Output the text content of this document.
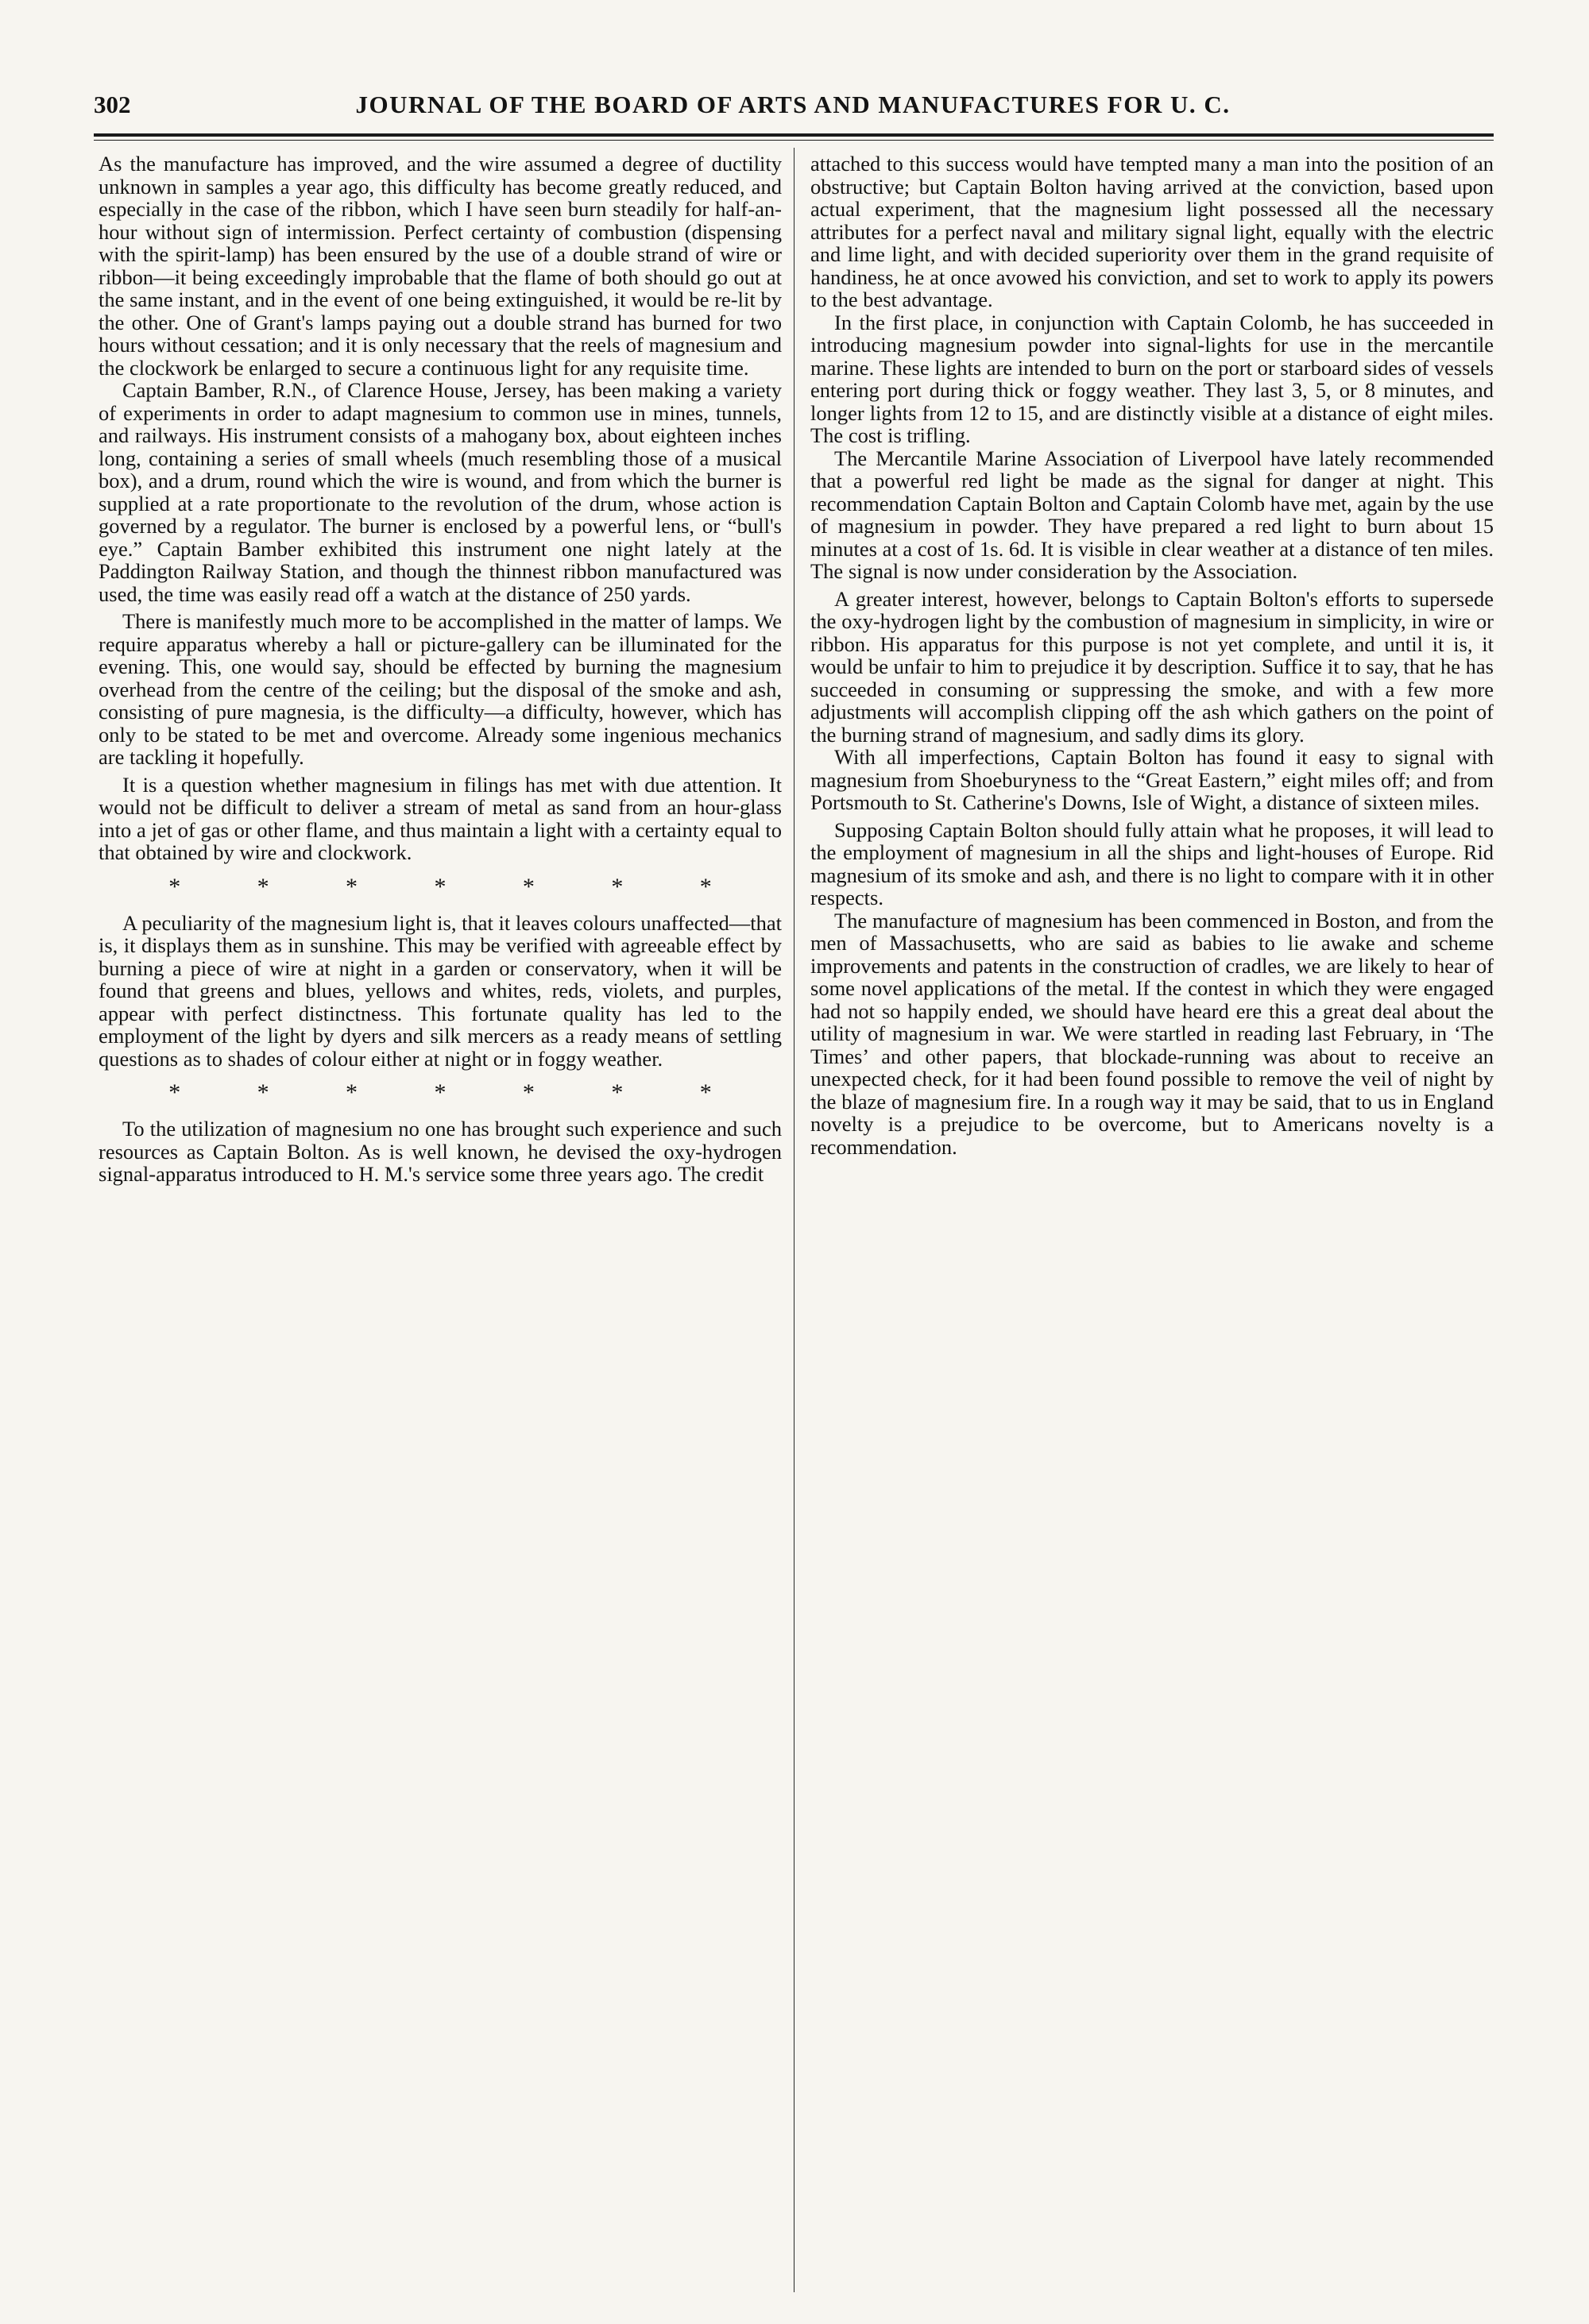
302	JOURNAL OF THE BOARD OF ARTS AND MANUFACTURES FOR U. C.

As the manufacture has improved, and the wire assumed a degree of ductility unknown in samples a year ago, this difficulty has become greatly reduced, and especially in the case of the ribbon, which I have seen burn steadily for half-an-hour without sign of intermission. Perfect certainty of combustion (dispensing with the spirit-lamp) has been ensured by the use of a double strand of wire or ribbon—it being exceedingly improbable that the flame of both should go out at the same instant, and in the event of one being extinguished, it would be re-lit by the other. One of Grant's lamps paying out a double strand has burned for two hours without cessation; and it is only necessary that the reels of magnesium and the clockwork be enlarged to secure a continuous light for any requisite time.

Captain Bamber, R.N., of Clarence House, Jersey, has been making a variety of experiments in order to adapt magnesium to common use in mines, tunnels, and railways. His instrument consists of a mahogany box, about eighteen inches long, containing a series of small wheels (much resembling those of a musical box), and a drum, round which the wire is wound, and from which the burner is supplied at a rate proportionate to the revolution of the drum, whose action is governed by a regulator. The burner is enclosed by a powerful lens, or “bull's eye.” Captain Bamber exhibited this instrument one night lately at the Paddington Railway Station, and though the thinnest ribbon manufactured was used, the time was easily read off a watch at the distance of 250 yards.

There is manifestly much more to be accomplished in the matter of lamps. We require apparatus whereby a hall or picture-gallery can be illuminated for the evening. This, one would say, should be effected by burning the magnesium overhead from the centre of the ceiling; but the disposal of the smoke and ash, consisting of pure magnesia, is the difficulty—a difficulty, however, which has only to be stated to be met and overcome. Already some ingenious mechanics are tackling it hopefully.

It is a question whether magnesium in filings has met with due attention. It would not be difficult to deliver a stream of metal as sand from an hour-glass into a jet of gas or other flame, and thus maintain a light with a certainty equal to that obtained by wire and clockwork.

*	*	*	*	*	*	*

A peculiarity of the magnesium light is, that it leaves colours unaffected—that is, it displays them as in sunshine. This may be verified with agreeable effect by burning a piece of wire at night in a garden or conservatory, when it will be found that greens and blues, yellows and whites, reds, violets, and purples, appear with perfect distinctness. This fortunate quality has led to the employment of the light by dyers and silk mercers as a ready means of settling questions as to shades of colour either at night or in foggy weather.

*	*	*	*	*	*	*

To the utilization of magnesium no one has brought such experience and such resources as Captain Bolton. As is well known, he devised the oxy-hydrogen signal-apparatus introduced to H. M.'s service some three years ago. The credit

attached to this success would have tempted many a man into the position of an obstructive; but Captain Bolton having arrived at the conviction, based upon actual experiment, that the magnesium light possessed all the necessary attributes for a perfect naval and military signal light, equally with the electric and lime light, and with decided superiority over them in the grand requisite of handiness, he at once avowed his conviction, and set to work to apply its powers to the best advantage.

In the first place, in conjunction with Captain Colomb, he has succeeded in introducing magnesium powder into signal-lights for use in the mercantile marine. These lights are intended to burn on the port or starboard sides of vessels entering port during thick or foggy weather. They last 3, 5, or 8 minutes, and longer lights from 12 to 15, and are distinctly visible at a distance of eight miles. The cost is trifling.

The Mercantile Marine Association of Liverpool have lately recommended that a powerful red light be made as the signal for danger at night. This recommendation Captain Bolton and Captain Colomb have met, again by the use of magnesium in powder. They have prepared a red light to burn about 15 minutes at a cost of 1s. 6d. It is visible in clear weather at a distance of ten miles. The signal is now under consideration by the Association.

A greater interest, however, belongs to Captain Bolton's efforts to supersede the oxy-hydrogen light by the combustion of magnesium in simplicity, in wire or ribbon. His apparatus for this purpose is not yet complete, and until it is, it would be unfair to him to prejudice it by description. Suffice it to say, that he has succeeded in consuming or suppressing the smoke, and with a few more adjustments will accomplish clipping off the ash which gathers on the point of the burning strand of magnesium, and sadly dims its glory.

With all imperfections, Captain Bolton has found it easy to signal with magnesium from Shoeburyness to the “Great Eastern,” eight miles off; and from Portsmouth to St. Catherine's Downs, Isle of Wight, a distance of sixteen miles.

Supposing Captain Bolton should fully attain what he proposes, it will lead to the employment of magnesium in all the ships and light-houses of Europe. Rid magnesium of its smoke and ash, and there is no light to compare with it in other respects.

The manufacture of magnesium has been commenced in Boston, and from the men of Massachusetts, who are said as babies to lie awake and scheme improvements and patents in the construction of cradles, we are likely to hear of some novel applications of the metal. If the contest in which they were engaged had not so happily ended, we should have heard ere this a great deal about the utility of magnesium in war. We were startled in reading last February, in ‘The Times’ and other papers, that blockade-running was about to receive an unexpected check, for it had been found possible to remove the veil of night by the blaze of magnesium fire. In a rough way it may be said, that to us in England novelty is a prejudice to be overcome, but to Americans novelty is a recommendation.
